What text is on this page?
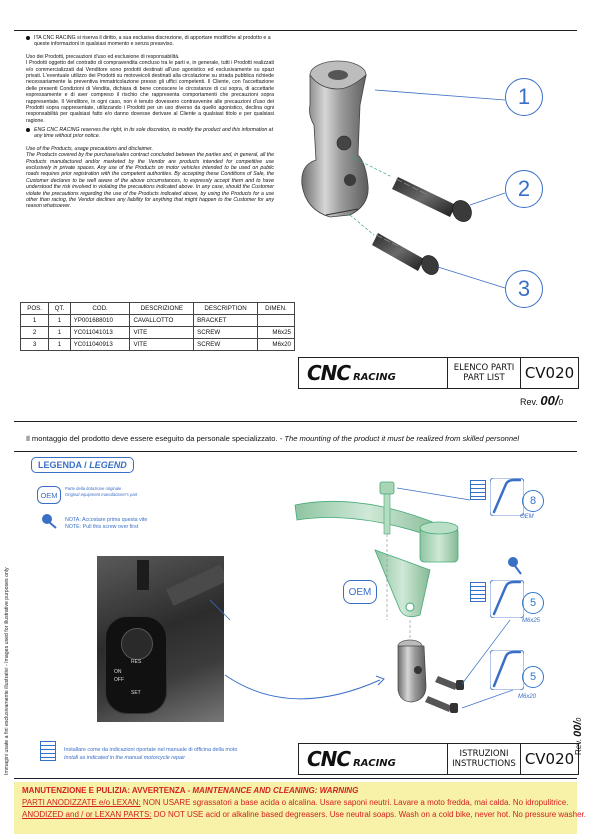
ITA CNC RACING si riserva il diritto, a sua esclusiva discrezione, di apportare modifiche al prodotto e a queste informazioni in qualsiasi momento e senza preavviso.
Uso dei Prodotti, precauzioni d'uso ed esclusione di responsabilità.
I Prodotti oggetto del contratto di compravendita concluso tra le parti e, in generale, tutti i Prodotti realizzati e/o commercializzati dal Venditore sono prodotti destinati all'uso agonistico ed esclusivamente su spazi privati. L'eventuale utilizzo dei Prodotti su motoveicoli destinati alla circolazione su strada pubblica richiede necessariamente la preventiva immatricolazione presso gli uffici competenti. Il Cliente, con l'accettazione delle presenti Condizioni di Vendita, dichiara di bene conoscere le circostanze di cui sopra, di accettarle espressamente e di aver compreso il rischio che rappresenta comportamenti che precauzioni sopra rappresentate. Il Venditore, in ogni caso, non è tenuto dovessero contravvenire alle precauzioni d'uso dei Prodotti sopra rappresentate, utilizzando i Prodotti per un uso diverso da quello agonistico, declina ogni responsabilità per qualsiasi fatto e/o danno dovesse derivare al Cliente a qualsiasi titolo e per qualsiasi ragione.
ENG CNC RACING reserves the right, in its sole discretion, to modify the product and this information at any time without prior notice.
Use of the Products, usage precautions and disclaimer.
The Products covered by the purchase/sales contract concluded between the parties and, in general, all the Products manufactured and/or marketed by the Vendor are products intended for competitive use exclusively in private spaces. Any use of the Products on motor vehicles intended to be used on public roads requires prior registration with the competent authorities. By accepting these Conditions of Sale, the Customer declares to be well aware of the above circumstances, to expressly accept them and to have understood the risk involved in violating the precautions indicated above. In any case, should the Customer violate the precautions regarding the use of the Products indicated above, by using the Products for a use other than racing, the Vendor declines any liability for anything that might happen to the Customer for any reason whatsoever.
1
2
3
POS.	QT.	COD.	DESCRIZIONE	DESCRIPTION	DIMEN.
1	1	YP001688010	CAVALLOTTO	BRACKET	
2	1	YC011041013	VITE	SCREW	M6x25
3	1	YC011040913	VITE	SCREW	M6x20
CNC RACING
ELENCO PARTI
PART LIST	CV020
Rev. 00/0
Il montaggio del prodotto deve essere eseguito da personale specializzato. - The mounting of the product it must be realized from skilled personnel
LEGENDA / LEGEND
OEM
Parte della dotazione originale
Original equipment manufacturer's part
NOTA: Accostare prima questa vite
NOTE: Pull this screw over first
RES
ON
OFF
SET
OEM
8
OEM
5
M6x25
5
M6x20
Installare come da indicazioni riportate nel manuale di officina della moto
Install as indicated in the manual motorcycle repair	CNC RACING
ISTRUZIONI
INSTRUCTIONS CV020
Rev. 00/0
Immagini usate a fini esclusivamente illustrativi - Images used for illustrative purposes only
MANUTENZIONE E PULIZIA: AVVERTENZA - MAINTENANCE AND CLEANING: WARNING
PARTI ANODIZZATE e/o LEXAN: NON USARE sgrassatori a base acida o alcalina. Usare saponi neutri. Lavare a moto fredda, mai calda. No idropulitrice.
ANODIZED and / or LEXAN PARTS: DO NOT USE acid or alkaline based degreasers. Use neutral soaps. Wash on a cold bike, never hot. No pressure washer.
